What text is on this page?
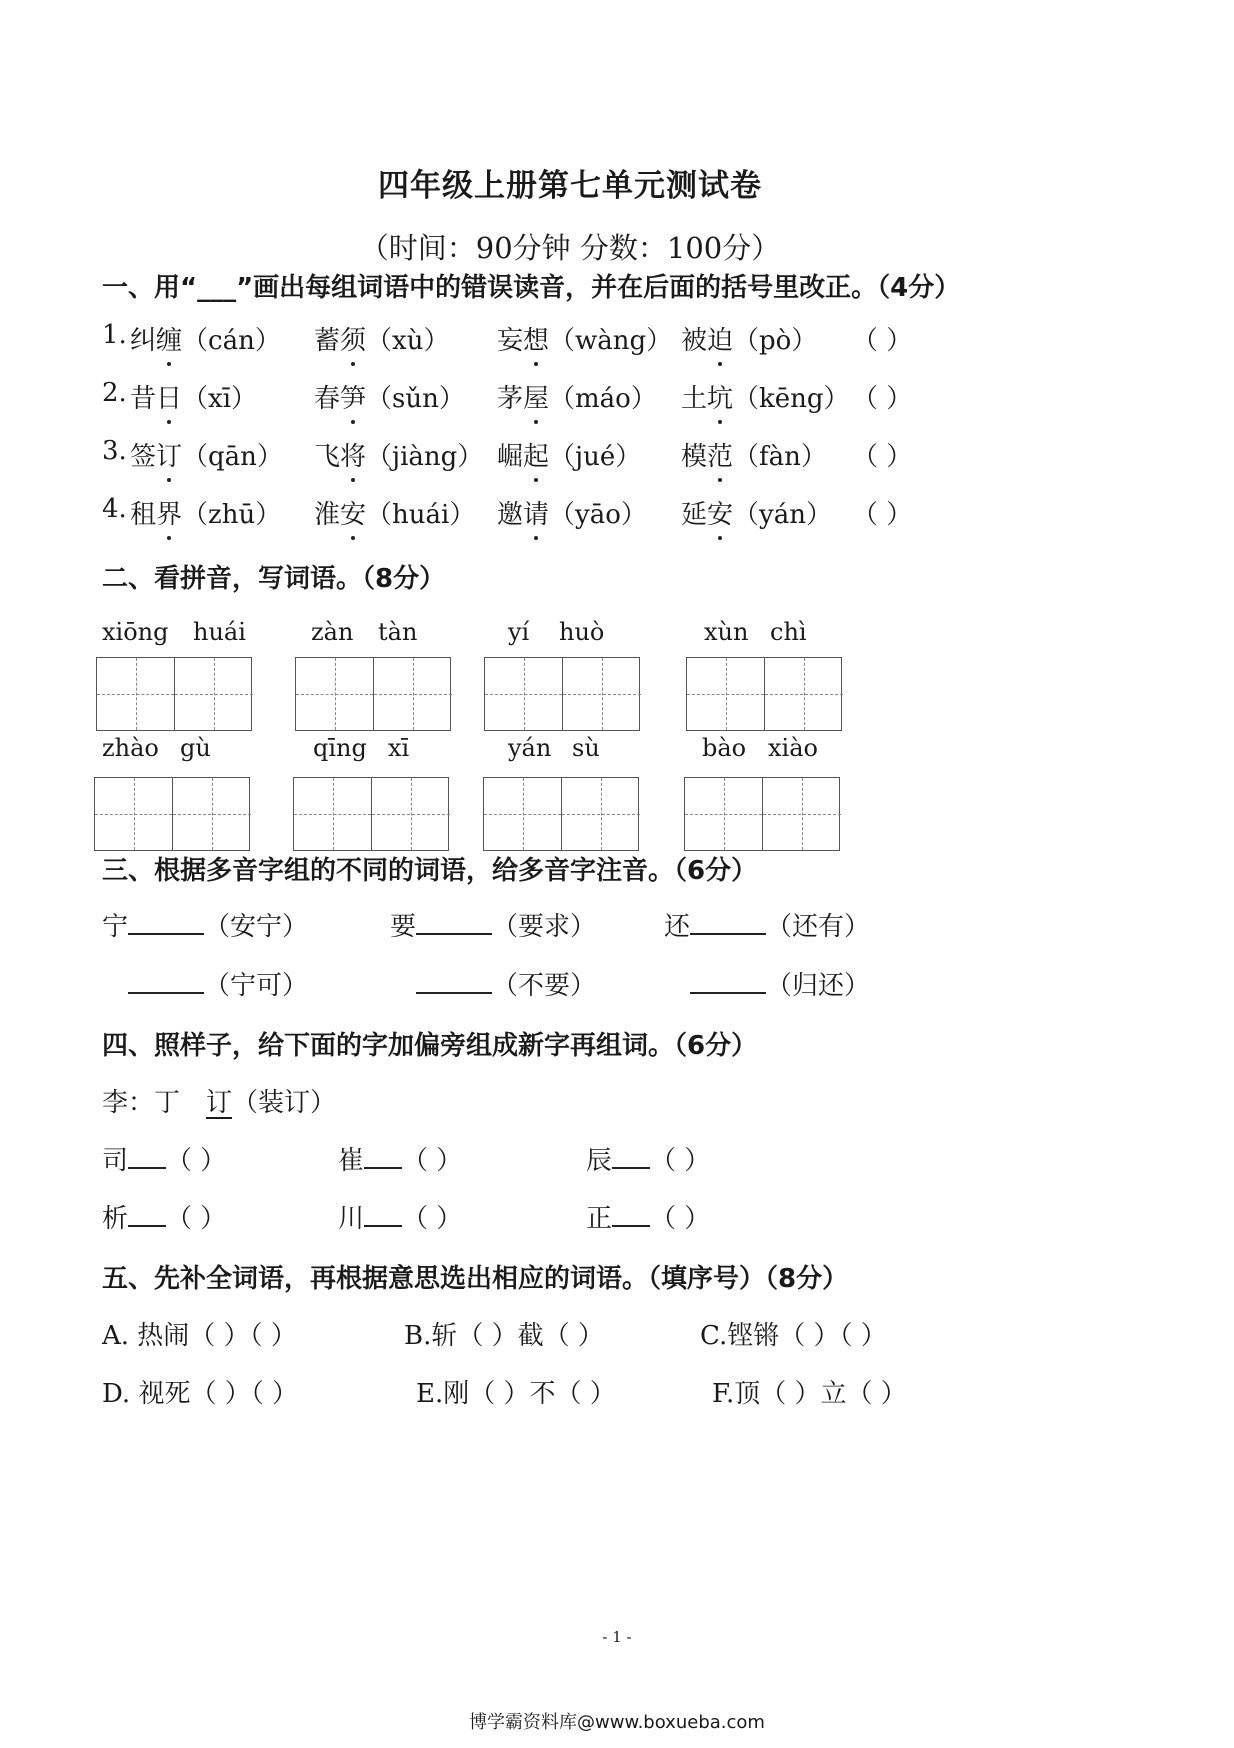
四年级上册第七单元测试卷
（时间：90分钟 分数：100分）
一、用“___”画出每组词语中的错误读音，并在后面的括号里改正。（4分）
1. 纠缠（cán） 蓄须（xù） 妄想（wàng） 被迫（pò） （ ）
2. 昔日（xī） 春笋（sǔn） 茅屋（máo） 土坑（kēng） （ ）
3. 签订（qān） 飞将（jiàng） 崛起（jué） 模范（fàn） （ ）
4. 租界（zhū） 淮安（huái） 邀请（yāo） 延安（yán） （ ）
二、看拼音，写词语。（8分）
xiōng huái	zàn tàn	yí huò	xùn chì
zhào gù	qīng xī	yán sù	bào xiào
三、根据多音字组的不同的词语，给多音字注音。（6分）
宁	（安宁）	要	（要求）	还	（还有）
（宁可）	（不要）	（归还）
四、照样子，给下面的字加偏旁组成新字再组词。（6分）
李：丁 订（装订）
司 （ ）	崔 （ ）	辰 （ ）
析 （ ）	川 （ ）	正 （ ）
五、先补全词语，再根据意思选出相应的词语。（填序号）（8分）
A. 热闹（ ）（ ）	B.斩（ ）截（ ）	C.铿锵（ ）（ ）
D. 视死（ ）（ ）	E.刚（ ）不（ ）	F.顶（ ）立（ ）
- 1 -
博学霸资料库@www.boxueba.com
